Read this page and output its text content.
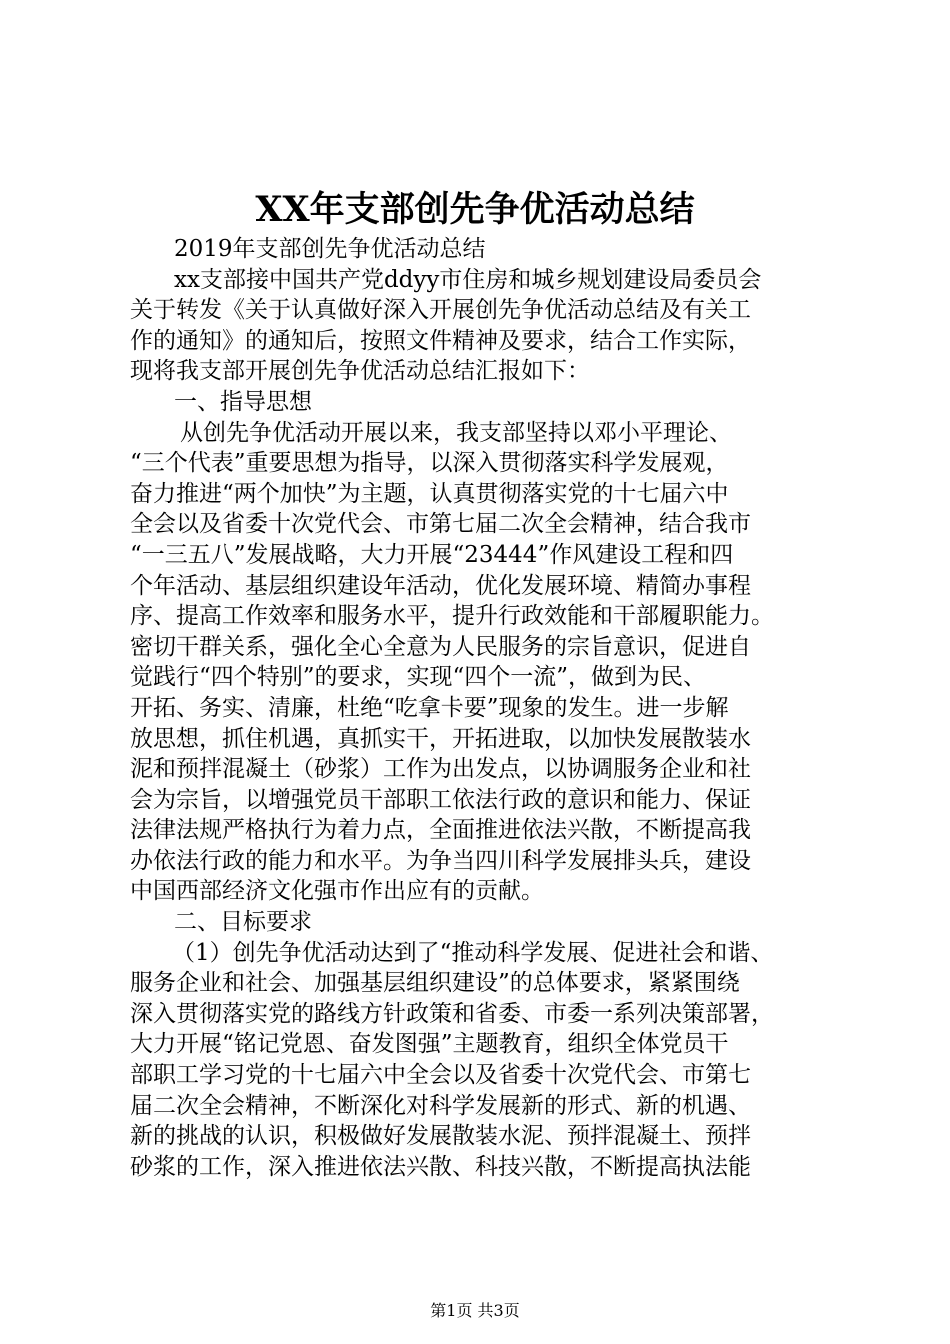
XX年支部创先争优活动总结
2019年支部创先争优活动总结
xx支部接中国共产党ddyy市住房和城乡规划建设局委员会
关于转发《关于认真做好深入开展创先争优活动总结及有关工
作的通知》的通知后，按照文件精神及要求，结合工作实际，
现将我支部开展创先争优活动总结汇报如下：
一、指导思想
从创先争优活动开展以来，我支部坚持以邓小平理论、
“三个代表”重要思想为指导，以深入贯彻落实科学发展观，
奋力推进“两个加快”为主题，认真贯彻落实党的十七届六中
全会以及省委十次党代会、市第七届二次全会精神，结合我市
“一三五八”发展战略，大力开展“23444”作风建设工程和四
个年活动、基层组织建设年活动，优化发展环境、精简办事程
序、提高工作效率和服务水平，提升行政效能和干部履职能力。
密切干群关系，强化全心全意为人民服务的宗旨意识，促进自
觉践行“四个特别”的要求，实现“四个一流”，做到为民、
开拓、务实、清廉，杜绝“吃拿卡要”现象的发生。进一步解
放思想，抓住机遇，真抓实干，开拓进取，以加快发展散装水
泥和预拌混凝土（砂浆）工作为出发点，以协调服务企业和社
会为宗旨，以增强党员干部职工依法行政的意识和能力、保证
法律法规严格执行为着力点，全面推进依法兴散，不断提高我
办依法行政的能力和水平。为争当四川科学发展排头兵，建设
中国西部经济文化强市作出应有的贡献。
二、目标要求
（1）创先争优活动达到了“推动科学发展、促进社会和谐、
服务企业和社会、加强基层组织建设”的总体要求，紧紧围绕
深入贯彻落实党的路线方针政策和省委、市委一系列决策部署，
大力开展“铭记党恩、奋发图强”主题教育，组织全体党员干
部职工学习党的十七届六中全会以及省委十次党代会、市第七
届二次全会精神，不断深化对科学发展新的形式、新的机遇、
新的挑战的认识，积极做好发展散装水泥、预拌混凝土、预拌
砂浆的工作，深入推进依法兴散、科技兴散，不断提高执法能
第1页 共3页
